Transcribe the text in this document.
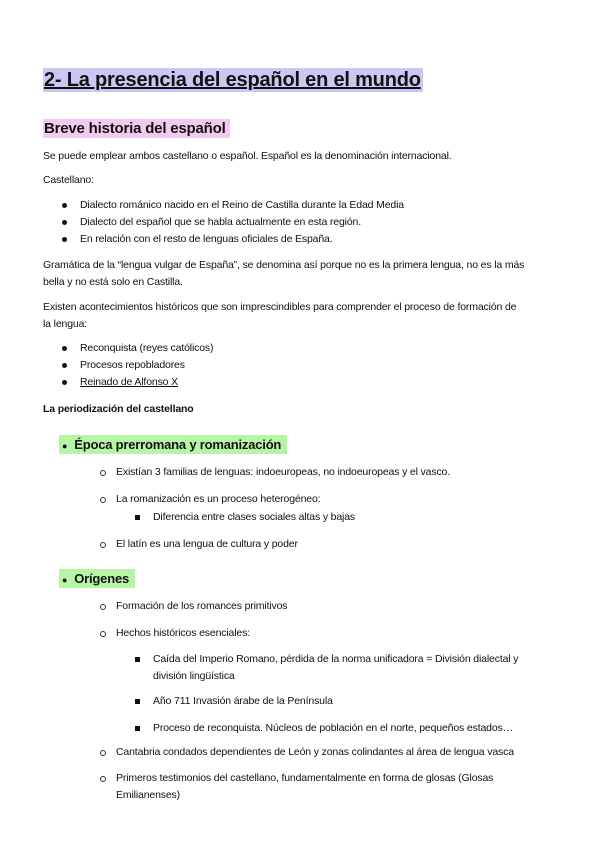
2- La presencia del español en el mundo
Breve historia del español
Se puede emplear ambos castellano o español. Español es la denominación internacional.
Castellano:
Dialecto románico nacido en el Reino de Castilla durante la Edad Media
Dialecto del español que se habla actualmente en esta región.
En relación con el resto de lenguas oficiales de España.
Gramática de la “lengua vulgar de España”, se denomina así porque no es la primera lengua, no es la más
bella y no está solo en Castilla.
Existen acontecimientos históricos que son imprescindibles para comprender el proceso de formación de
la lengua:
Reconquista (reyes católicos)
Procesos repobladores
Reinado de Alfonso X
La periodización del castellano
● Época prerromana y romanización
Existían 3 familias de lenguas: indoeuropeas, no indoeuropeas y el vasco.
La romanización es un proceso heterogéneo:
Diferencia entre clases sociales altas y bajas
El latín es una lengua de cultura y poder
● Orígenes
Formación de los romances primitivos
Hechos históricos esenciales:
Caída del Imperio Romano, pérdida de la norma unificadora = División dialectal y
división lingüística
Año 711 Invasión árabe de la Península
Proceso de reconquista. Núcleos de población en el norte, pequeños estados…
Cantabria condados dependientes de León y zonas colindantes al área de lengua vasca
Primeros testimonios del castellano, fundamentalmente en forma de glosas (Glosas
Emilianenses)
